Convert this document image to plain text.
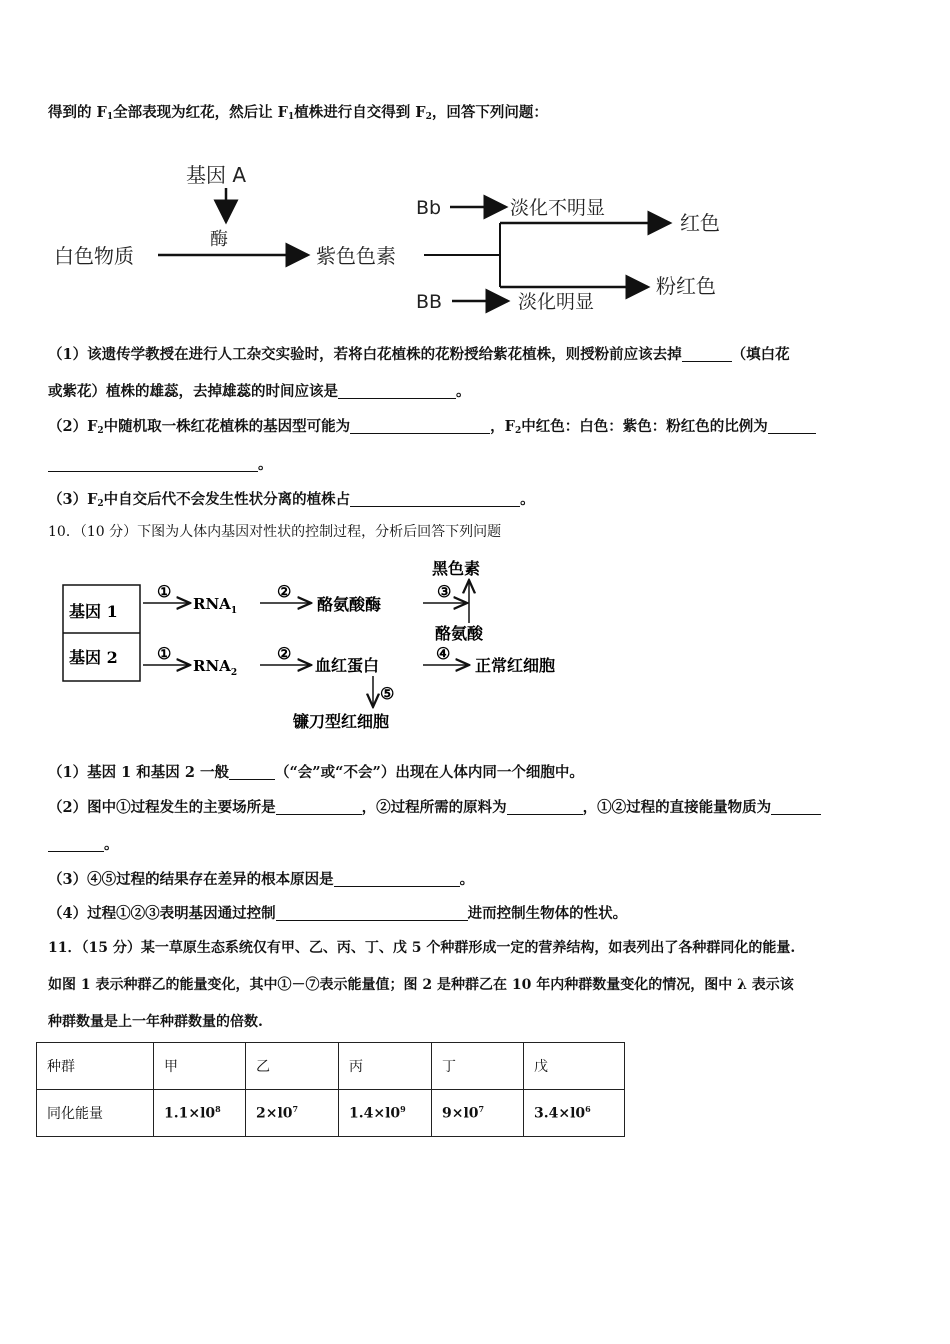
得到的 $F_1$全部表现为红花，然后让 $F_1$植株进行自交得到 $F_2$，回答下列问题：
基因 A
酶
白色物质	紫色色素
Bb	淡化不明显
红色
粉红色
BB	淡化明显
（1）该遗传学教授在进行人工杂交实验时，若将白花植株的花粉授给紫花植株，则授粉前应该去掉	（填白花
或紫花）植株的雄蕊，去掉雄蕊的时间应该是	。
$(2)F_2$中随机取一株红花植株的基因型可能为	，$F_2$中红色：白色：紫色：粉红色的比例为
。
$(3)F_2$中自交后代不会发生性状分离的植株占	。
10．（10 分）下图为人体内基因对性状的控制过程，分析后回答下列问题
基因 1
基因 2
①
$RNA_1$
②
酪氨酸酶
③
黑色素
酪氨酸
①
$RNA_2$
②
血红蛋白
④
正常红细胞
⑤
镰刀型红细胞
（1）基因 1 和基因 2 一般	（“会”或“不会”）出现在人体内同一个细胞中。
（2）图中①过程发生的主要场所是	，②过程所需的原料为	，①②过程的直接能量物质为
。
（3）④⑤过程的结果存在差异的根本原因是	。
（4）过程①②③表明基因通过控制	进而控制生物体的性状。
11．（15 分）某一草原生态系统仅有甲、乙、丙、丁、戊 5 个种群形成一定的营养结构，如表列出了各种群同化的能量.
如图 1 表示种群乙的能量变化，其中①－⑦表示能量值；图 2 是种群乙在 10 年内种群数量变化的情况，图中 λ 表示该
种群数量是上一年种群数量的倍数.
种群	甲	乙	丙	丁	戊
同化能量	$1.1\times l0^8$	$2\times l0^7$	$1.4\times l0^9$	$9\times l0^7$	$3.4\times l0^6$
